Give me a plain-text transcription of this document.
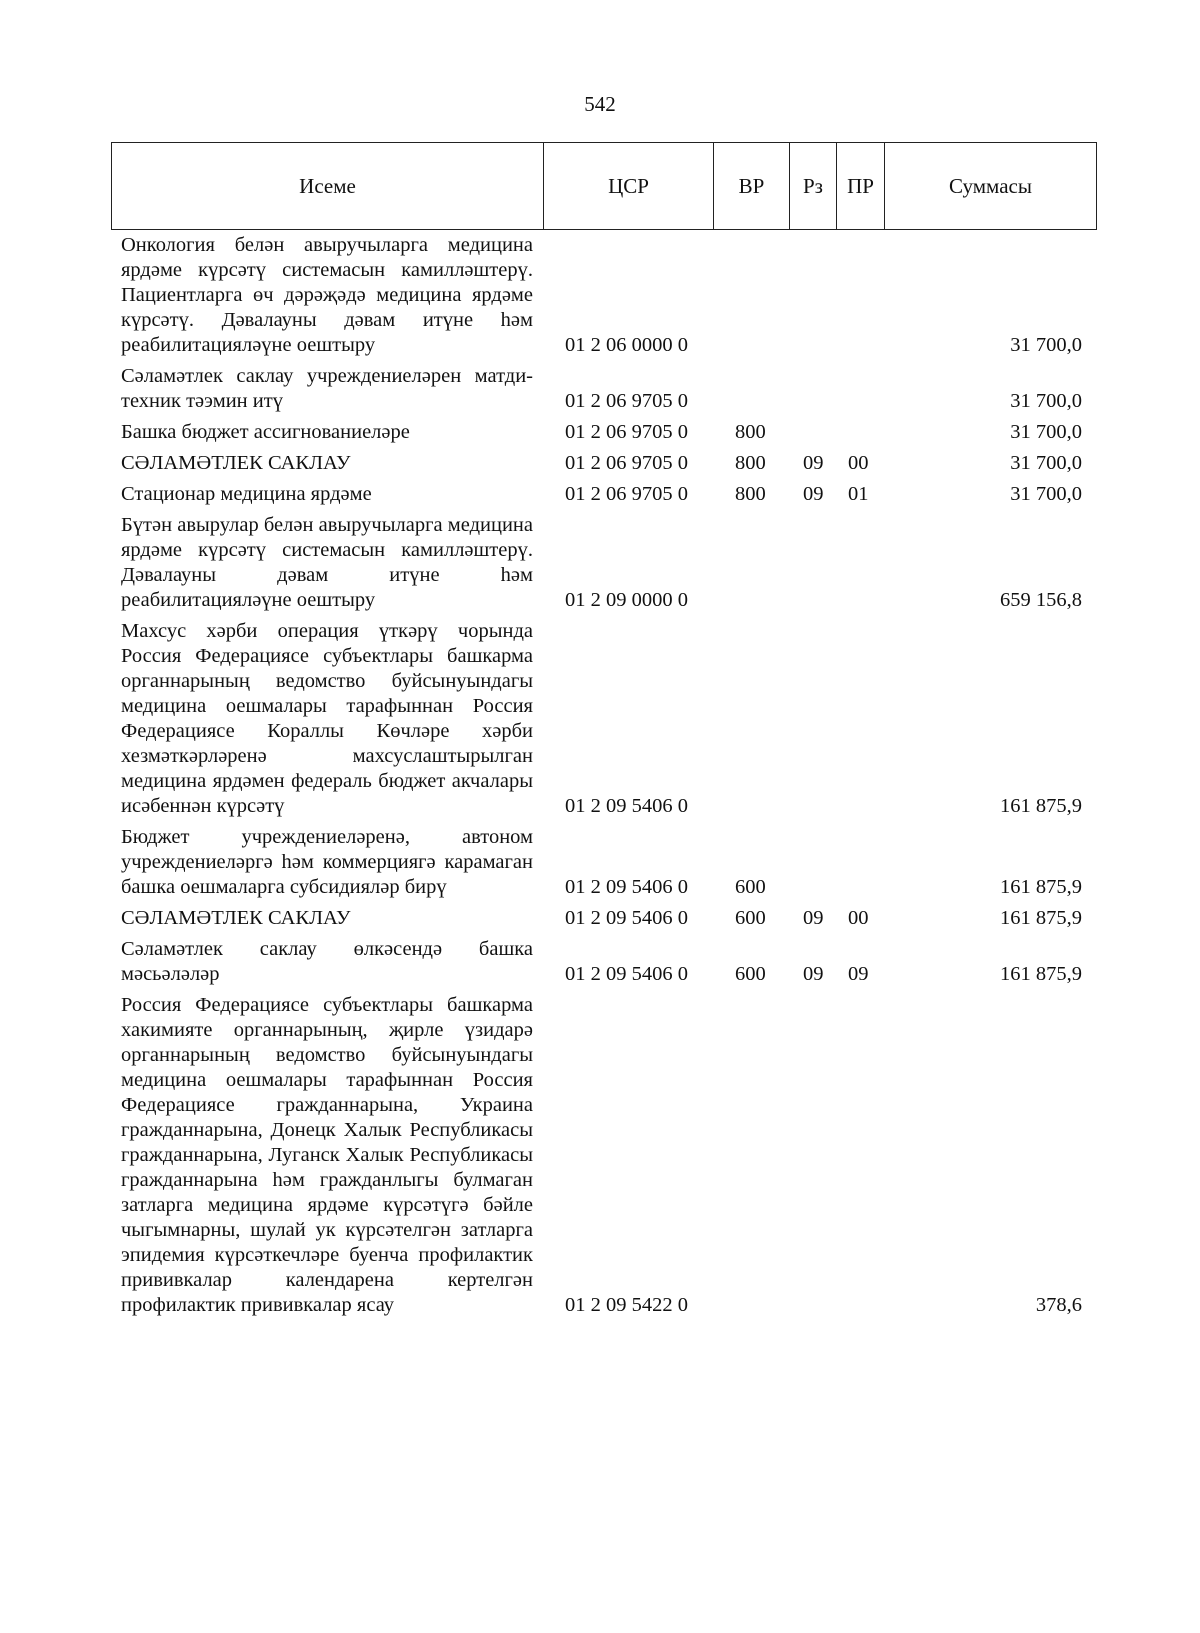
542
Исеме	ЦСР	ВР	Рз	ПР	Суммасы
Онкология белән авыручыларга медицина ярдәме күрсәтү системасын камилләштерү. Пациентларга өч дәрәҗәдә медицина ярдәме күрсәтү. Дәвалауны дәвам итүне һәм реабилитацияләүне оештыру	01 2 06 0000 0				31 700,0
Сәламәтлек саклау учреждениеләрен матди-техник тәэмин итү	01 2 06 9705 0				31 700,0
Башка бюджет ассигнованиеләре	01 2 06 9705 0	800			31 700,0
СӘЛАМӘТЛЕК САКЛАУ	01 2 06 9705 0	800	09	00	31 700,0
Стационар медицина ярдәме	01 2 06 9705 0	800	09	01	31 700,0
Бүтән авырулар белән авыручыларга медицина ярдәме күрсәтү системасын камилләштерү. Дәвалауны дәвам итүне һәм реабилитацияләүне оештыру	01 2 09 0000 0				659 156,8
Махсус хәрби операция үткәрү чорында Россия Федерациясе субъектлары башкарма органнарының ведомство буйсынуындагы медицина оешмалары тарафыннан Россия Федерациясе Кораллы Көчләре хәрби хезмәткәрләренә махсуслаштырылган медицина ярдәмен федераль бюджет акчалары исәбеннән күрсәтү	01 2 09 5406 0				161 875,9
Бюджет учреждениеләренә, автоном учреждениеләргә һәм коммерциягә карамаган башка оешмаларга субсидияләр бирү	01 2 09 5406 0	600			161 875,9
СӘЛАМӘТЛЕК САКЛАУ	01 2 09 5406 0	600	09	00	161 875,9
Сәламәтлек саклау өлкәсендә башка мәсьәләләр	01 2 09 5406 0	600	09	09	161 875,9
Россия Федерациясе субъектлары башкарма хакимияте органнарының, җирле үзидарә органнарының ведомство буйсынуындагы медицина оешмалары тарафыннан Россия Федерациясе гражданнарына, Украина гражданнарына, Донецк Халык Республикасы гражданнарына, Луганск Халык Республикасы гражданнарына һәм гражданлыгы булмаган затларга медицина ярдәме күрсәтүгә бәйле чыгымнарны, шулай ук күрсәтелгән затларга эпидемия күрсәткечләре буенча профилактик прививкалар календарена кертелгән профилактик прививкалар ясау	01 2 09 5422 0				378,6
